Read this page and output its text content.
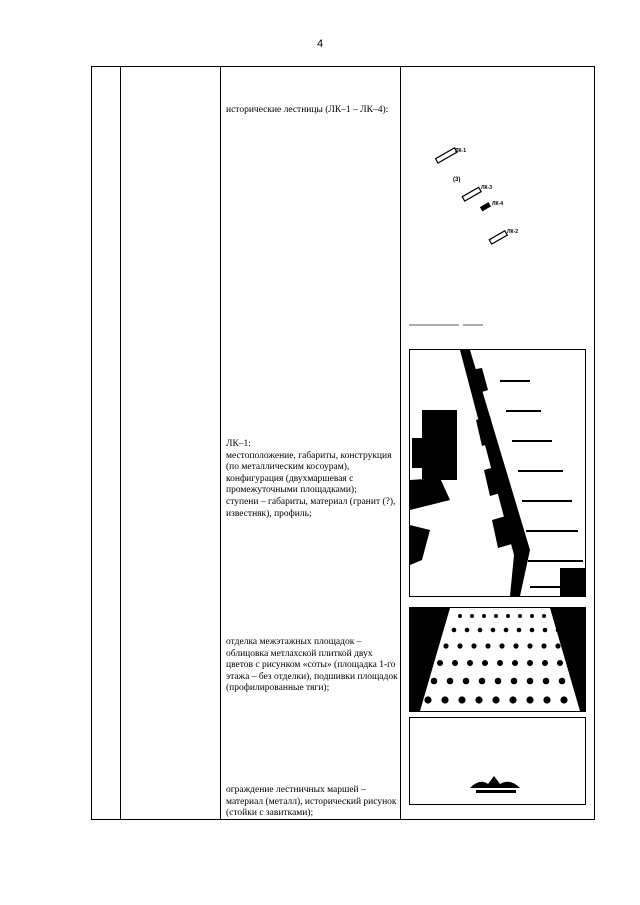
4
исторические лестницы (ЛК–1 – ЛК–4):
ЛК–1:
местоположение, габариты, конструкция (по металлическим косоурам), конфигурация (двухмаршевая с промежуточными площадками);
ступени – габариты, материал (гранит (?), известняк), профиль;
отделка межэтажных площадок – облицовка метлахской плиткой двух цветов с рисунком «соты» (площадка 1-го этажа – без отделки), подшивки площадок (профилированные тяги);
ограждение лестничных маршей – материал (металл), исторический рисунок (стойки с завитками);
ЛК-1
(3)
ЛК-3
ЛК-4
ЛК-2
